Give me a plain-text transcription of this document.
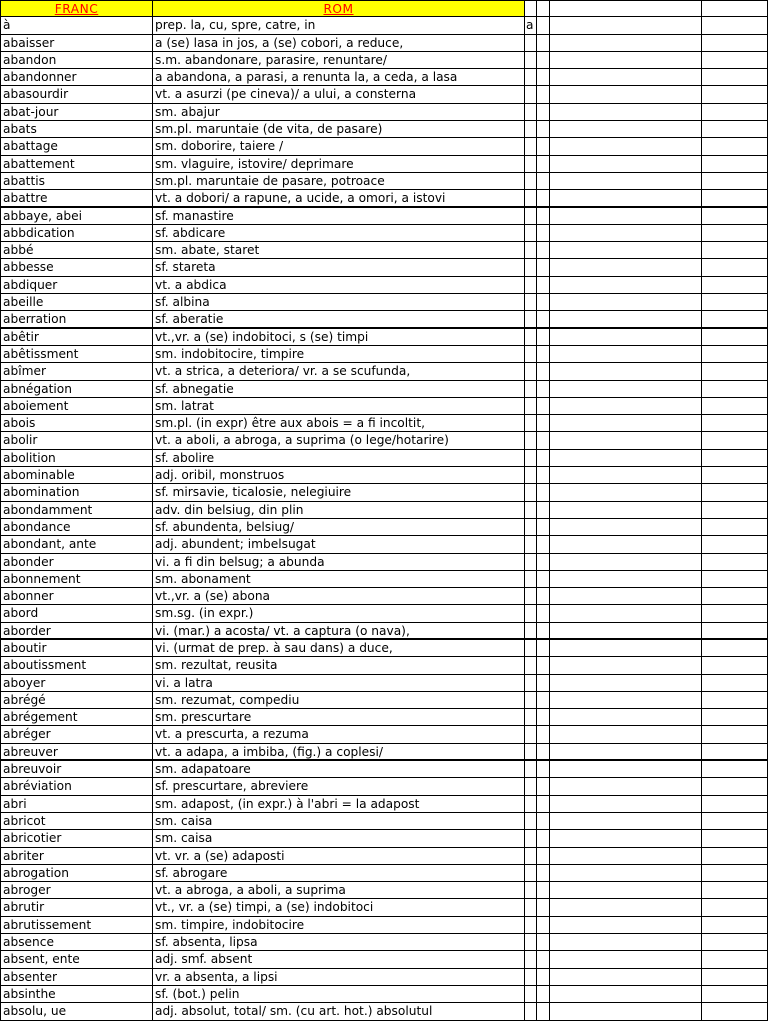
FRANC	ROM
à	prep. la, cu, spre, catre, in	a
abaisser	a (se) lasa in jos, a (se) cobori, a reduce,
abandon	s.m. abandonare, parasire, renuntare/
abandonner	a abandona, a parasi, a renunta la, a ceda, a lasa
abasourdir	vt. a asurzi (pe cineva)/ a ului, a consterna
abat-jour	sm. abajur
abats	sm.pl. maruntaie (de vita, de pasare)
abattage	sm. doborire, taiere /
abattement	sm. vlaguire, istovire/ deprimare
abattis	sm.pl. maruntaie de pasare, potroace
abattre	vt. a dobori/ a rapune, a ucide, a omori, a istovi
abbaye, abei	sf. manastire
abbdication	sf. abdicare
abbé	sm. abate, staret
abbesse	sf. stareta
abdiquer	vt. a abdica
abeille	sf. albina
aberration	sf. aberatie
abêtir	vt.,vr. a (se) indobitoci, s (se) timpi
abêtissment	sm. indobitocire, timpire
abîmer	vt. a strica, a deteriora/ vr. a se scufunda,
abnégation	sf. abnegatie
aboiement	sm. latrat
abois	sm.pl. (in expr) être aux abois = a fi incoltit,
abolir	vt. a aboli, a abroga, a suprima (o lege/hotarire)
abolition	sf. abolire
abominable	adj. oribil, monstruos
abomination	sf. mirsavie, ticalosie, nelegiuire
abondamment	adv. din belsiug, din plin
abondance	sf. abundenta, belsiug/
abondant, ante	adj. abundent; imbelsugat
abonder	vi. a fi din belsug; a abunda
abonnement	sm. abonament
abonner	vt.,vr. a (se) abona
abord	sm.sg. (in expr.)
aborder	vi. (mar.) a acosta/ vt. a captura (o nava),
aboutir	vi. (urmat de prep. à sau dans) a duce,
aboutissment	sm. rezultat, reusita
aboyer	vi. a latra
abrégé	sm. rezumat, compediu
abrégement	sm. prescurtare
abréger	vt. a prescurta, a rezuma
abreuver	vt. a adapa, a imbiba, (fig.) a coplesi/
abreuvoir	sm. adapatoare
abréviation	sf. prescurtare, abreviere
abri	sm. adapost, (in expr.) à l'abri = la adapost
abricot	sm. caisa
abricotier	sm. caisa
abriter	vt. vr. a (se) adaposti
abrogation	sf. abrogare
abroger	vt. a abroga, a aboli, a suprima
abrutir	vt., vr. a (se) timpi, a (se) indobitoci
abrutissement	sm. timpire, indobitocire
absence	sf. absenta, lipsa
absent, ente	adj. smf. absent
absenter	vr. a absenta, a lipsi
absinthe	sf. (bot.) pelin
absolu, ue	adj. absolut, total/ sm. (cu art. hot.) absolutul
